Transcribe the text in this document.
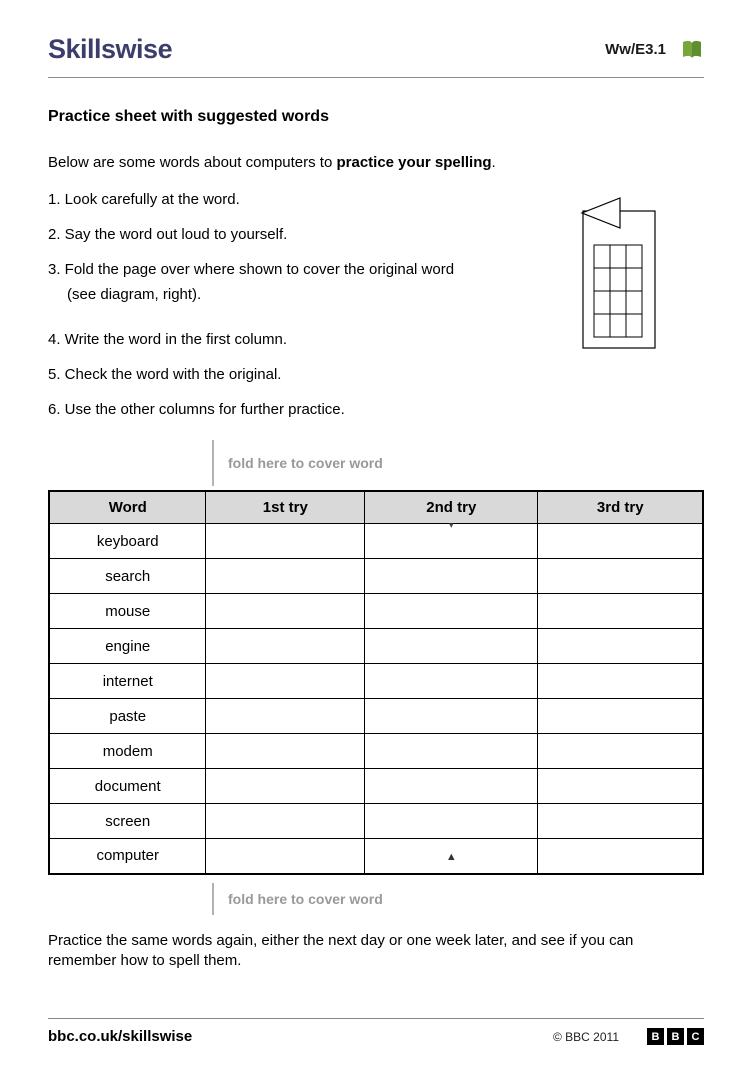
Skillswise	Ww/E3.1
Practice sheet with suggested words

Below are some words about computers to practice your spelling.

1. Look carefully at the word.
2. Say the word out loud to yourself.
3. Fold the page over where shown to cover the original word
(see diagram, right).
4. Write the word in the first column.
5. Check the word with the original.
6. Use the other columns for further practice.
fold here to cover word
Word	1st try	2nd try	3rd try
keyboard		▾	

search			
mouse			
engine			
internet			
paste			
modem			
document			
screen			
computer		▲	
fold here to cover word

Practice the same words again, either the next day or one week later, and see if you can remember how to spell them.

bbc.co.uk/skillswise	© BBC 2011	B	B	C
